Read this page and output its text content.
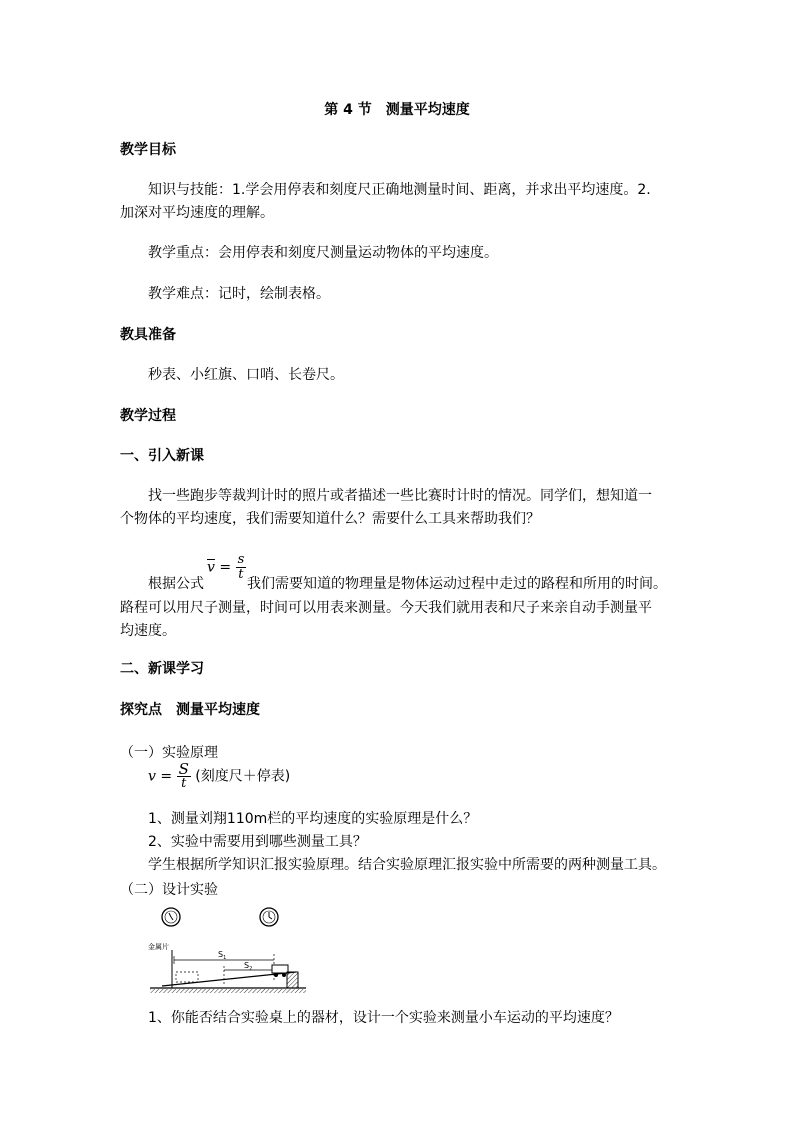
第 4 节　测量平均速度
教学目标
知识与技能：1.学会用停表和刻度尺正确地测量时间、距离，并求出平均速度。2.
加深对平均速度的理解。
教学重点：会用停表和刻度尺测量运动物体的平均速度。
教学难点：记时，绘制表格。
教具准备
秒表、小红旗、口哨、长卷尺。
教学过程
一、引入新课
找一些跑步等裁判计时的照片或者描述一些比赛时计时的情况。同学们，想知道一
个物体的平均速度，我们需要知道什么？需要什么工具来帮助我们？
根据公式
$\overline{v} = \frac{s}{t}$
我们需要知道的物理量是物体运动过程中走过的路程和所用的时间。
路程可以用尺子测量，时间可以用表来测量。今天我们就用表和尺子来亲自动手测量平
均速度。
二、新课学习
探究点　测量平均速度
（一）实验原理
$v = \frac{S}{t}$ (刻度尺＋停表)
1、测量刘翔110m栏的平均速度的实验原理是什么？
2、实验中需要用到哪些测量工具？
学生根据所学知识汇报实验原理。结合实验原理汇报实验中所需要的两种测量工具。
（二）设计实验
金属片
$S_1$
$S_2$
1、你能否结合实验桌上的器材，设计一个实验来测量小车运动的平均速度？
